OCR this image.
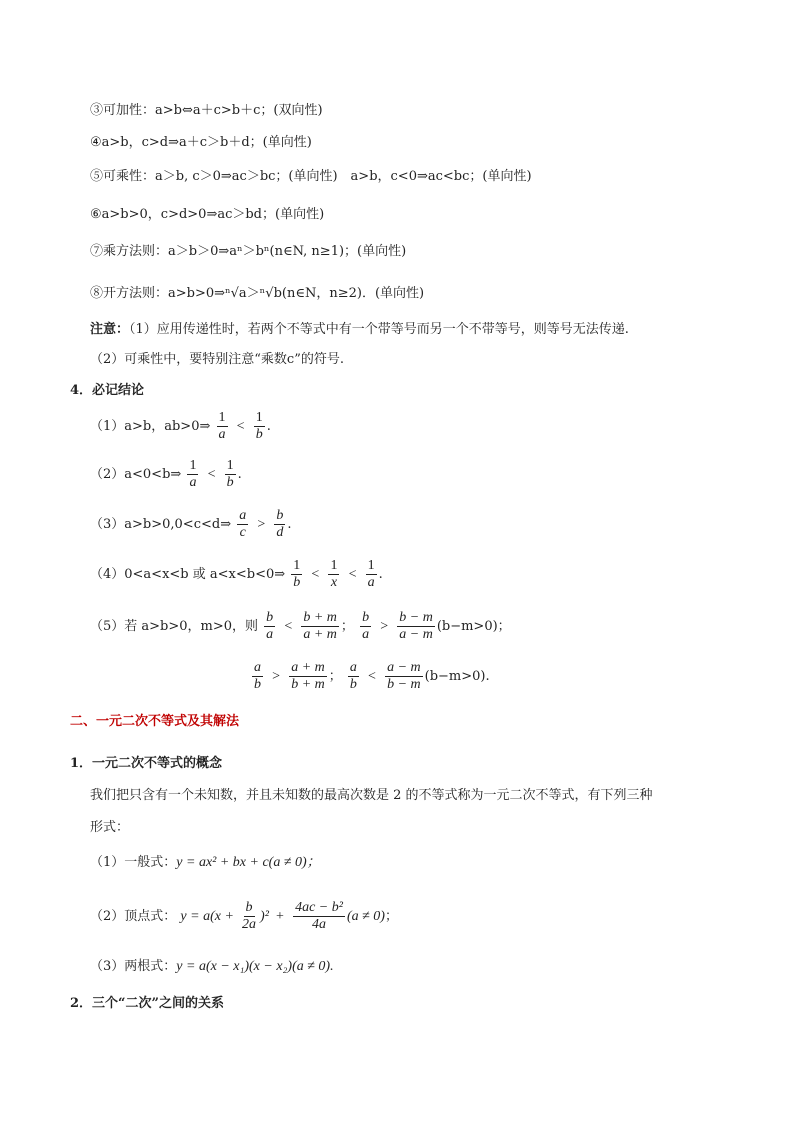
③可加性：a>b⇔a＋c>b＋c；(双向性)
④a>b，c>d⇒a＋c＞b＋d；(单向性)
⑤可乘性：a＞b, c＞0⇒ac＞bc；(单向性)　a>b，c<0⇒ac<bc；(单向性)
⑥a>b>0，c>d>0⇒ac＞bd；(单向性)
⑦乘方法则：a＞b＞0⇒aⁿ＞bⁿ(n∈N, n≥1)；(单向性)
⑧开方法则：a>b>0⇒ⁿ√a＞ⁿ√b(n∈N，n≥2)．(单向性)
注意：（1）应用传递性时，若两个不等式中有一个带等号而另一个不带等号，则等号无法传递.
（2）可乘性中，要特别注意“乘数c”的符号.
4．必记结论
（1）a>b，ab>0⇒ $\frac{1}{a} < \frac{1}{b}$ .
（2）a<0<b⇒ $\frac{1}{a} < \frac{1}{b}$ .
（3）a>b>0,0<c<d⇒ $\frac{a}{c} > \frac{b}{d}$ .
（4）0<a<x<b 或 a<x<b<0⇒ $\frac{1}{b} < \frac{1}{x} < \frac{1}{a}$ .
（5）若 a>b>0，m>0，则 $\frac{b}{a} < \frac{b + m}{a + m}$ ； $\frac{b}{a} > \frac{b - m}{a - m} (b-m>0)$；
$\frac{a}{b} > \frac{a + m}{b + m}$ ； $\frac{a}{b} < \frac{a - m}{b - m} (b-m>0)$.
二、一元二次不等式及其解法
1．一元二次不等式的概念
我们把只含有一个未知数，并且未知数的最高次数是 2 的不等式称为一元二次不等式，有下列三种
形式：
（1）一般式：y = ax² + bx + c(a ≠ 0)；
（2）顶点式： $y = a(x + \frac{b}{2a} )^2 + \frac{\text{4ac − b²}}{4a} (a \ne 0)$；
（3）两根式：y = a(x − x₁)(x − x₂)(a ≠ 0).
2．三个“二次”之间的关系
